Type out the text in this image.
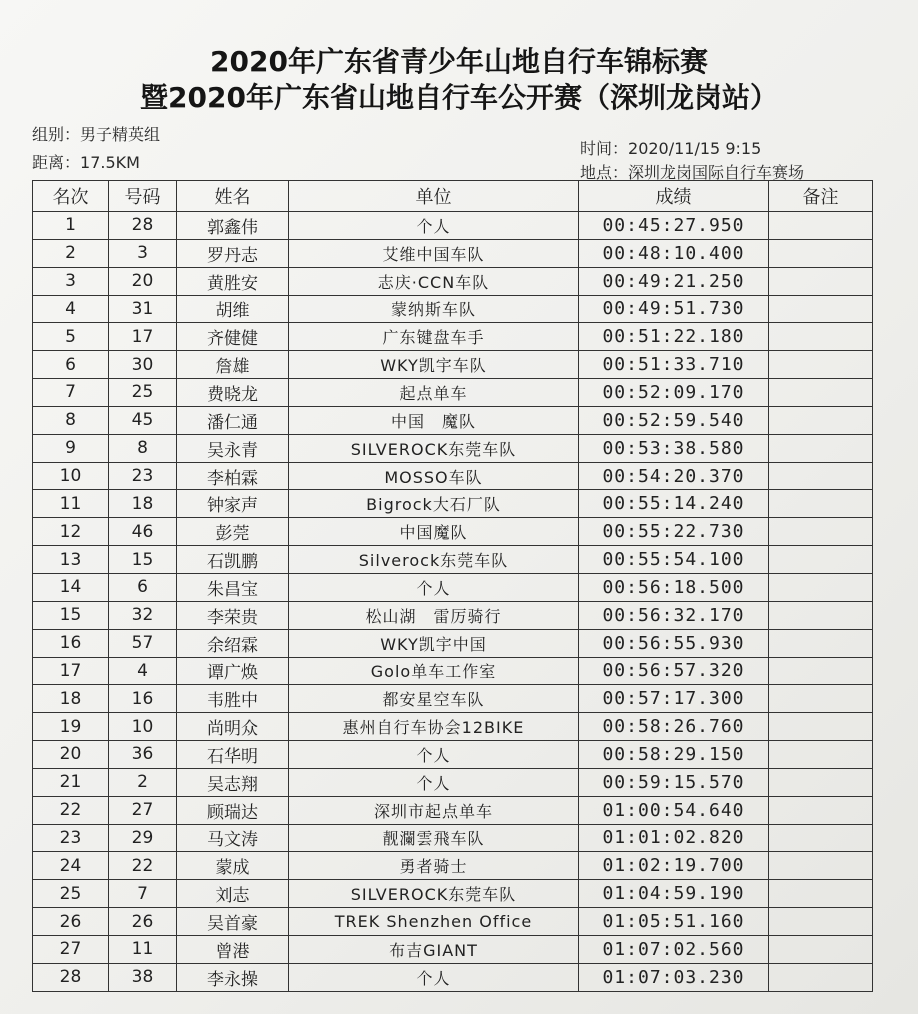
2020年广东省青少年山地自行车锦标赛
暨2020年广东省山地自行车公开赛（深圳龙岗站）
组别：男子精英组
距离：17.5KM
时间：2020/11/15 9:15
地点：深圳龙岗国际自行车赛场
名次	号码	姓名	单位	成绩	备注
1	28	郭鑫伟	个人	00:45:27.950	
2	3	罗丹志	艾维中国车队	00:48:10.400	
3	20	黄胜安	志庆·CCN车队	00:49:21.250	
4	31	胡维	蒙纳斯车队	00:49:51.730	
5	17	齐健健	广东键盘车手	00:51:22.180	
6	30	詹雄	WKY凯宇车队	00:51:33.710	
7	25	费晓龙	起点单车	00:52:09.170	
8	45	潘仁通	中国　魔队	00:52:59.540	
9	8	吴永青	SILVEROCK东莞车队	00:53:38.580	
10	23	李柏霖	MOSSO车队	00:54:20.370	
11	18	钟家声	Bigrock大石厂队	00:55:14.240	
12	46	彭莞	中国魔队	00:55:22.730	
13	15	石凯鹏	Silverock东莞车队	00:55:54.100	
14	6	朱昌宝	个人	00:56:18.500	
15	32	李荣贵	松山湖　雷厉骑行	00:56:32.170	
16	57	余绍霖	WKY凯宇中国	00:56:55.930	
17	4	谭广焕	Golo单车工作室	00:56:57.320	
18	16	韦胜中	都安星空车队	00:57:17.300	
19	10	尚明众	惠州自行车协会12BIKE	00:58:26.760	
20	36	石华明	个人	00:58:29.150	
21	2	吴志翔	个人	00:59:15.570	
22	27	顾瑞达	深圳市起点单车	01:00:54.640	
23	29	马文涛	靓瀾雲飛车队	01:01:02.820	
24	22	蒙成	勇者骑士	01:02:19.700	
25	7	刘志	SILVEROCK东莞车队	01:04:59.190	
26	26	吴首豪	TREK Shenzhen Office	01:05:51.160	
27	11	曾港	布吉GIANT	01:07:02.560	
28	38	李永操	个人	01:07:03.230	
